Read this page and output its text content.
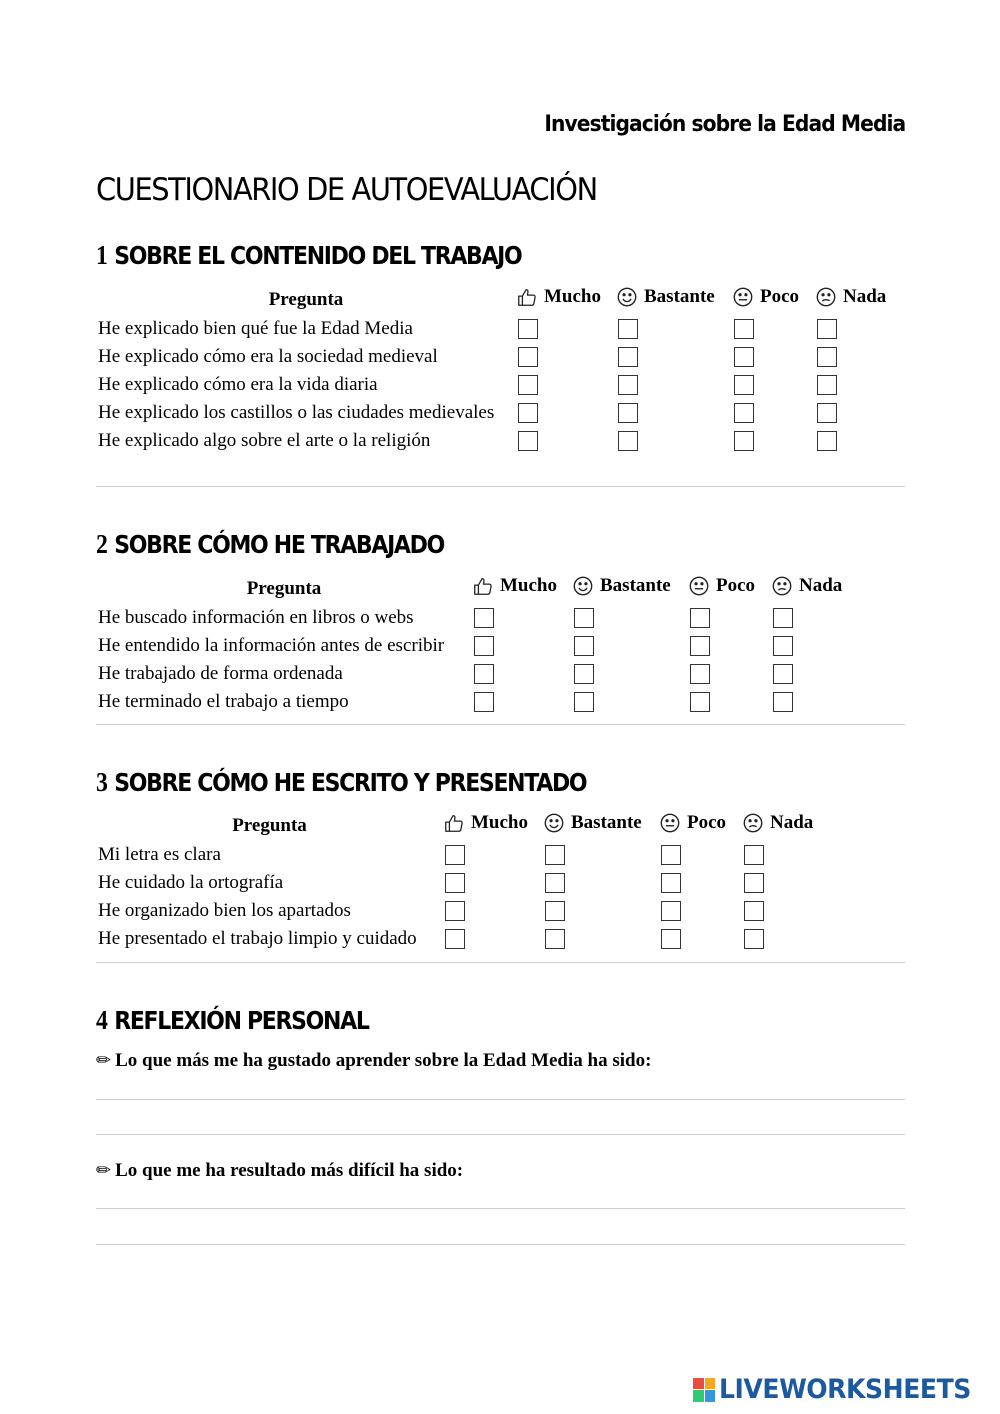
Investigación sobre la Edad Media
CUESTIONARIO DE AUTOEVALUACIÓN
1 SOBRE EL CONTENIDO DEL TRABAJO
Pregunta	Mucho	Bastante	Poco	Nada

He explicado bien qué fue la Edad Media				
He explicado cómo era la sociedad medieval				
He explicado cómo era la vida diaria				
He explicado los castillos o las ciudades medievales				
He explicado algo sobre el arte o la religión				
2 SOBRE CÓMO HE TRABAJADO
Pregunta	Mucho	Bastante	Poco	Nada

He buscado información en libros o webs				
He entendido la información antes de escribir				
He trabajado de forma ordenada				
He terminado el trabajo a tiempo				
3 SOBRE CÓMO HE ESCRITO Y PRESENTADO
Pregunta	Mucho	Bastante	Poco	Nada

Mi letra es clara				
He cuidado la ortografía				
He organizado bien los apartados				
He presentado el trabajo limpio y cuidado				
4 REFLEXIÓN PERSONAL
✏ Lo que más me ha gustado aprender sobre la Edad Media ha sido:
✏ Lo que me ha resultado más difícil ha sido:
LIVEWORKSHEETS
